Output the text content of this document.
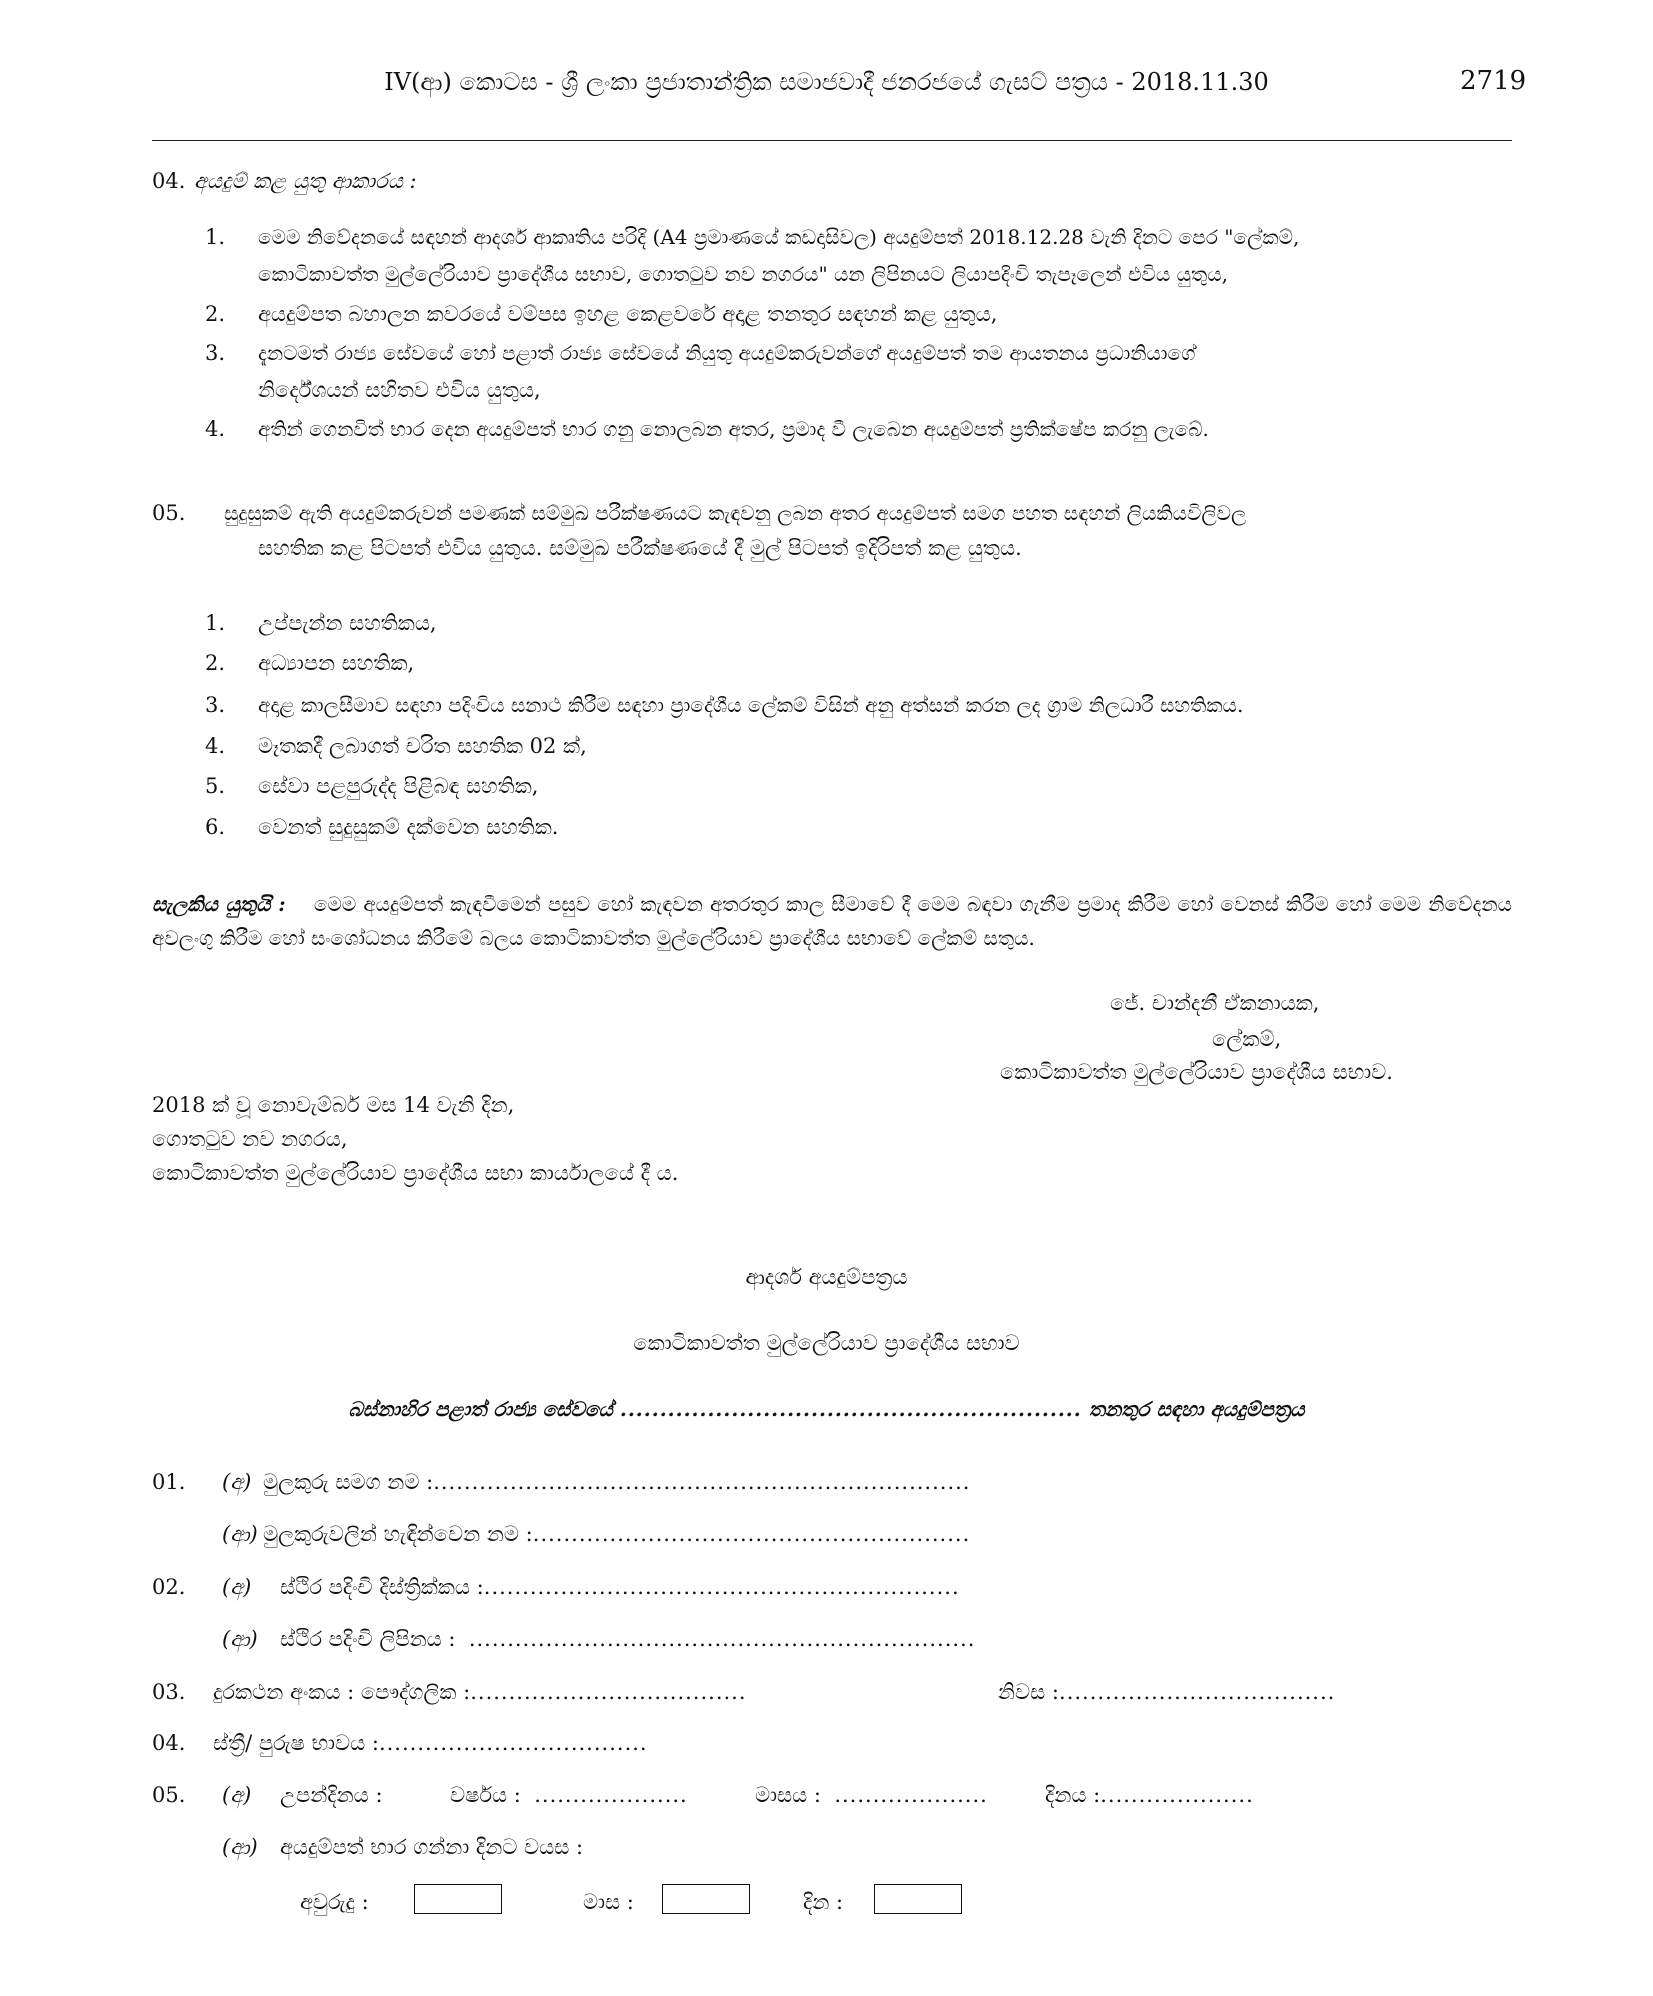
IV(ආ) කොටස - ශ්‍රී ලංකා ප්‍රජාතාන්ත්‍රික සමාජවාදී ජනරජයේ ගැසට් පත්‍රය - 2018.11.30	2719
04. අයදුම් කළ යුතු ආකාරය :
1. මෙම නිවේදනයේ සඳහන් ආදර්ශ ආකෘතිය පරිදි (A4 ප්‍රමාණයේ කඩදාසිවල) අයදුම්පත් 2018.12.28 වැනි දිනට පෙර "ලේකම්,
කොටිකාවත්ත මුල්ලේරියාව ප්‍රාදේශීය සභාව, ගොතටුව නව නගරය" යන ලිපිනයට ලියාපදිංචි තැපෑලෙන් එවිය යුතුය,
2. අයදුම්පත බහාලන කවරයේ වම්පස ඉහළ කෙළවරේ අදාළ තනතුර සඳහන් කළ යුතුය,
3. දැනටමත් රාජ්‍ය සේවයේ හෝ පළාත් රාජ්‍ය සේවයේ නියුතු අයදුම්කරුවන්ගේ අයදුම්පත් තම ආයතනය ප්‍රධානියාගේ
නිර්දේශයන් සහිතව එවිය යුතුය,
4. අතින් ගෙනවිත් භාර දෙන අයදුම්පත් භාර ගනු නොලබන අතර, ප්‍රමාද වී ලැබෙන අයදුම්පත් ප්‍රතික්ෂේප කරනු ලැබේ.
05. සුදුසුකම් ඇති අයදුම්කරුවන් පමණක් සම්මුඛ පරීක්ෂණයට කැඳවනු ලබන අතර අයදුම්පත් සමග පහත සඳහන් ලියකියවිලිවල
සහතික කළ පිටපත් එවිය යුතුය. සම්මුඛ පරීක්ෂණයේ දී මුල් පිටපත් ඉදිරිපත් කළ යුතුය.
1. උප්පැන්න සහතිකය,
2. අධ්‍යාපන සහතික,
3. අදාළ කාලසීමාව සඳහා පදිංචිය සනාථ කිරීම සඳහා ප්‍රාදේශීය ලේකම් විසින් අනු අත්සන් කරන ලද ග්‍රාම නිලධාරී සහතිකය.
4. මෑතකදී ලබාගත් චරිත සහතික 02 ක්,
5. සේවා පළපුරුද්ද පිළිබඳ සහතික,
6. වෙනත් සුදුසුකම් දක්වෙන සහතික.
සැලකිය යුතුයි : මෙම අයදුම්පත් කැඳවීමෙන් පසුව හෝ කැඳවන අතරතුර කාල සීමාවේ දී මෙම බඳවා ගැනීම ප්‍රමාද කිරීම හෝ වෙනස් කිරීම හෝ මෙම නිවේදනය අවලංගු කිරීම හෝ සංශෝධනය කිරීමේ බලය කොටිකාවත්ත මුල්ලේරියාව ප්‍රාදේශීය සභාවේ ලේකම් සතුය.
ජේ. චාන්දනී ඒකනායක,
ලේකම්,
කොටිකාවත්ත මුල්ලේරියාව ප්‍රාදේශීය සභාව.
2018 ක් වූ නොවැම්බර් මස 14 වැනි දින,
ගොතටුව නව නගරය,
කොටිකාවත්ත මුල්ලේරියාව ප්‍රාදේශීය සභා කාර්යාලයේ දී ය.
ආදර්ශ අයදුම්පත්‍රය
කොටිකාවත්ත මුල්ලේරියාව ප්‍රාදේශීය සභාව
බස්නාහිර පළාත් රාජ්‍ය සේවයේ .......................................................... තනතුර සඳහා අයදුම්පත්‍රය
01. (අ) මුලකුරු සමග නම :......................................................................
(ආ) මුලකුරුවලින් හැඳින්වෙන නම :.........................................................
02. (අ) ස්ථිර පදිංචි දිස්ත්‍රික්කය :..............................................................
(ආ) ස්ථිර පදිංචි ලිපිනය : ..................................................................
03. දුරකථන අංකය : පෞද්ගලික :....................................	නිවස :....................................
04. ස්ත්‍රී/ පුරුෂ භාවය :...................................
05. (අ) උපන්දිනය :	වර්ෂය : ....................	මාසය : ....................	දිනය :....................
(ආ) අයදුම්පත් භාර ගන්නා දිනට වයස :
අවුරුදු :	මාස :	දින :
